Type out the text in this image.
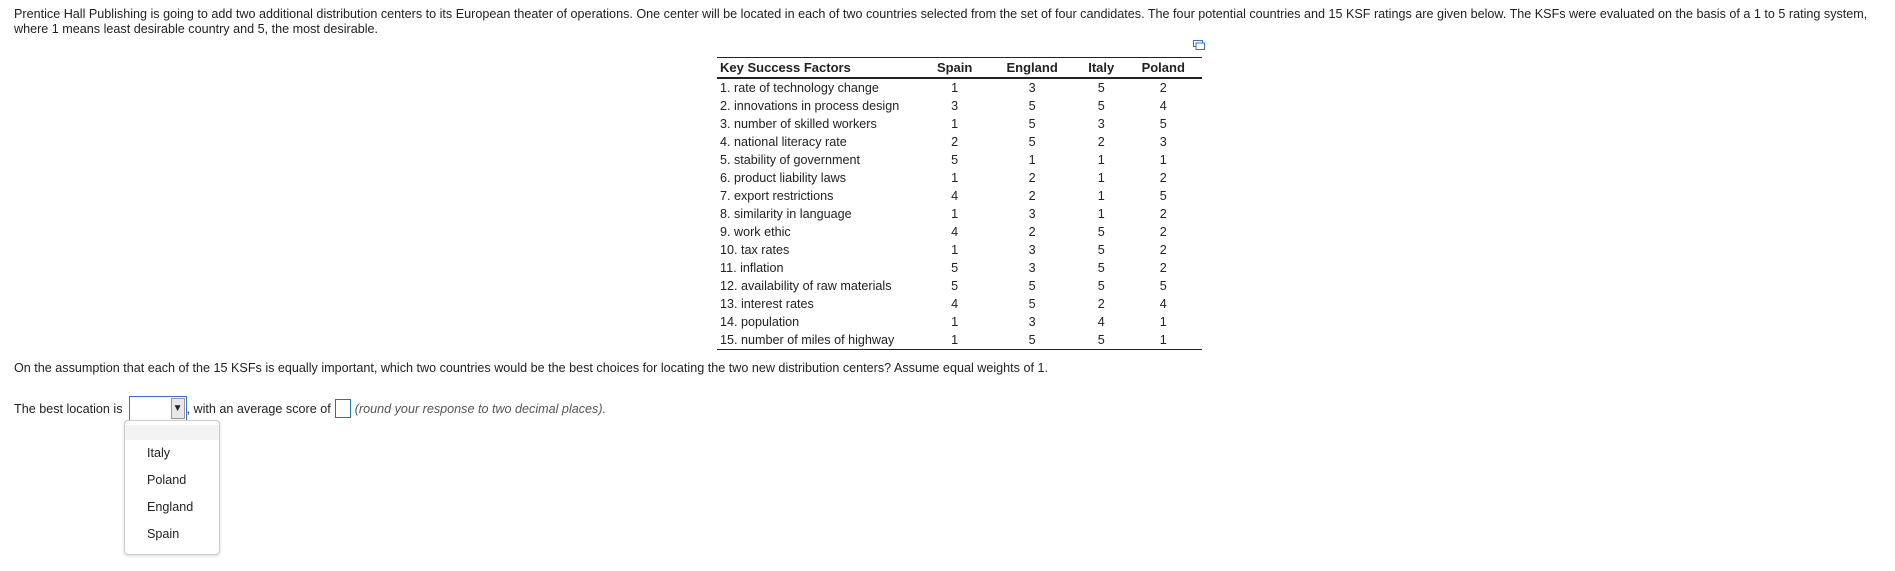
Prentice Hall Publishing is going to add two additional distribution centers to its European theater of operations. One center will be located in each of two countries selected from the set of four candidates. The four potential countries and 15 KSF ratings are given below. The KSFs were evaluated on the basis of a 1 to 5 rating system, where 1 means least desirable country and 5, the most desirable.
Key Success Factors	Spain	England	Italy	Poland
1. rate of technology change	1	3	5	2
2. innovations in process design	3	5	5	4
3. number of skilled workers	1	5	3	5
4. national literacy rate	2	5	2	3
5. stability of government	5	1	1	1
6. product liability laws	1	2	1	2
7. export restrictions	4	2	1	5
8. similarity in language	1	3	1	2
9. work ethic	4	2	5	2
10. tax rates	1	3	5	2
11. inflation	5	3	5	2
12. availability of raw materials	5	5	5	5
13. interest rates	4	5	2	4
14. population	1	3	4	1
15. number of miles of highway	1	5	5	1
On the assumption that each of the 15 KSFs is equally important, which two countries would be the best choices for locating the two new distribution centers? Assume equal weights of 1.
The best location is

	▼

, with an average score of (round your response to two decimal places).
Italy
Poland
England
Spain
